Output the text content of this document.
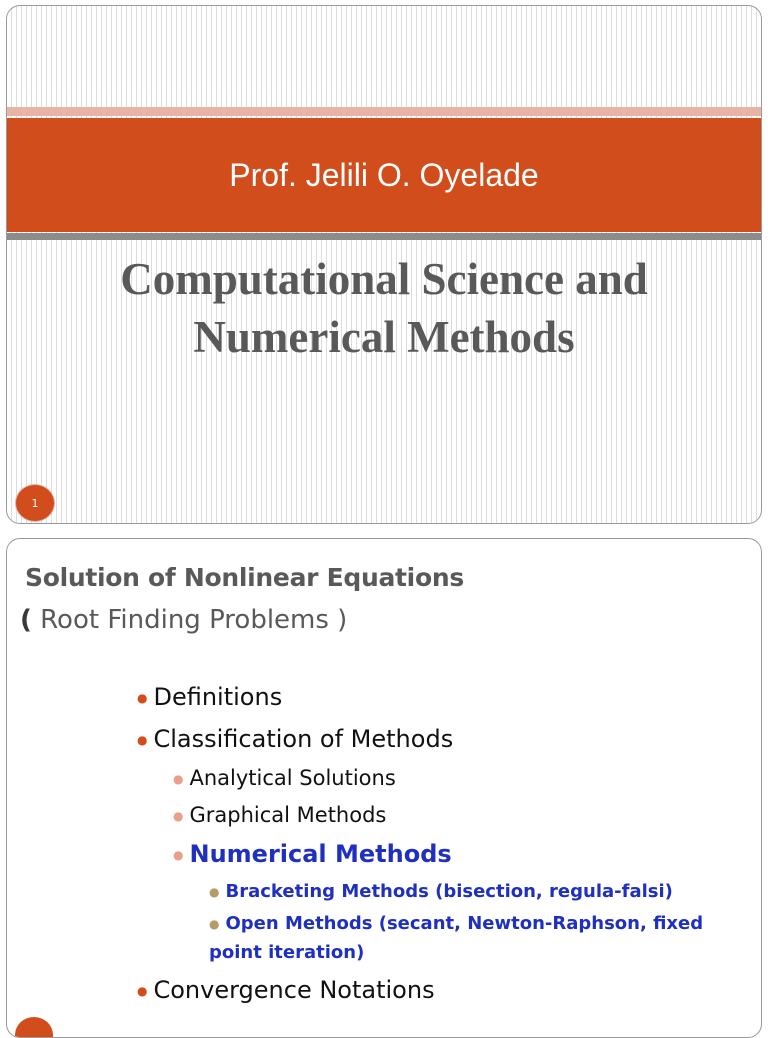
Prof. Jelili O. Oyelade
Computational Science and
Numerical Methods
1
Solution of Nonlinear Equations
( Root Finding Problems )
● Definitions
● Classification of Methods
● Analytical Solutions
● Graphical Methods
● Numerical Methods
● Bracketing Methods (bisection, regula-falsi)
● Open Methods (secant, Newton-Raphson, fixed
point iteration)
● Convergence Notations
